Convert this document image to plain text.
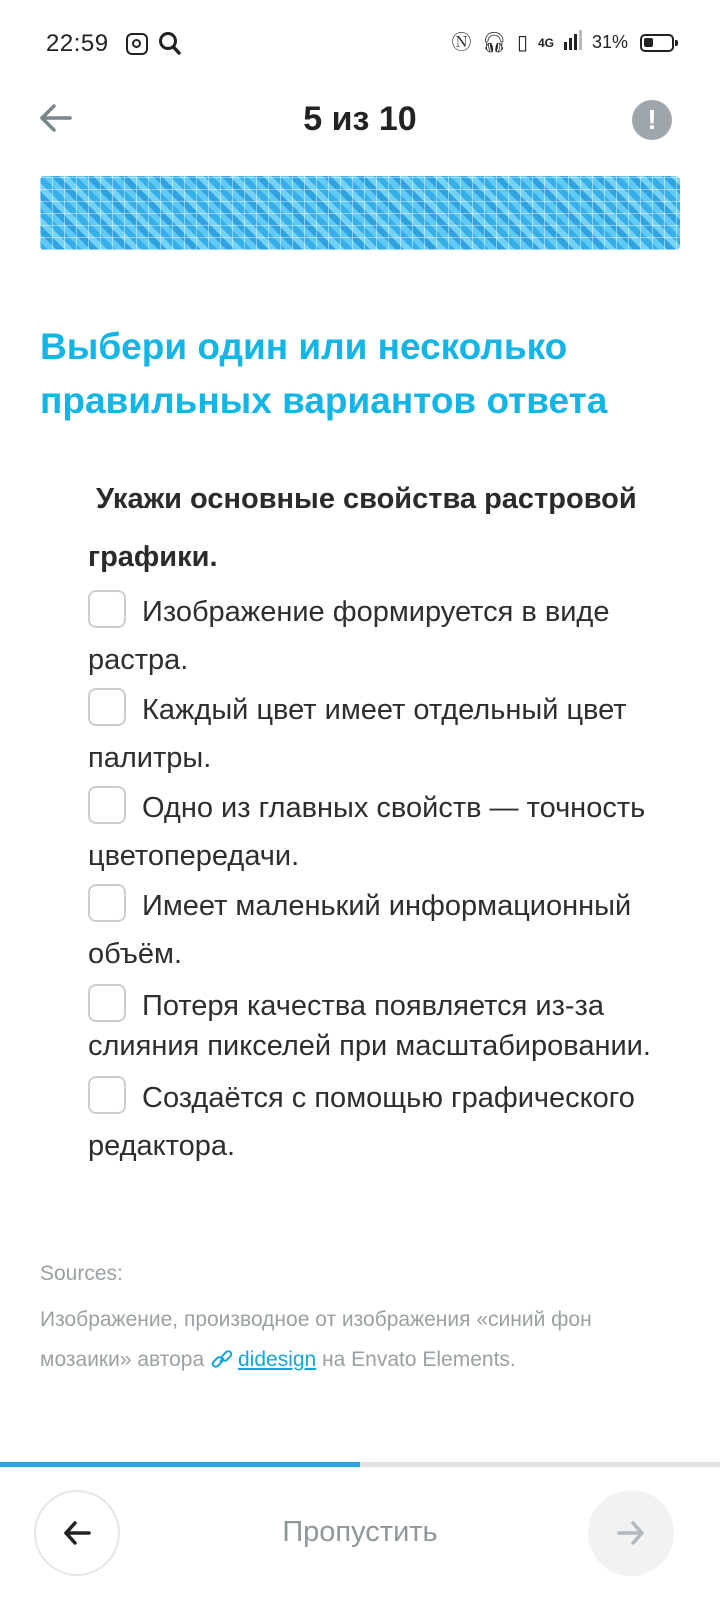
22:59	Ⓝ 🎧︎ ▯ 4G 31%
5 из 10	!
Выбери один или несколько правильных вариантов ответа
Укажи основные свойства растровой графики.
Изображение формируется в виде растра.
Каждый цвет имеет отдельный цвет палитры.
Одно из главных свойств — точность цветопередачи.
Имеет маленький информационный объём.
Потеря качества появляется из-за слияния пикселей при масштабировании.
Создаётся с помощью графического редактора.
Sources:
Изображение, производное от изображения «синий фон мозаики» автора didesign на Envato Elements.
Пропустить
